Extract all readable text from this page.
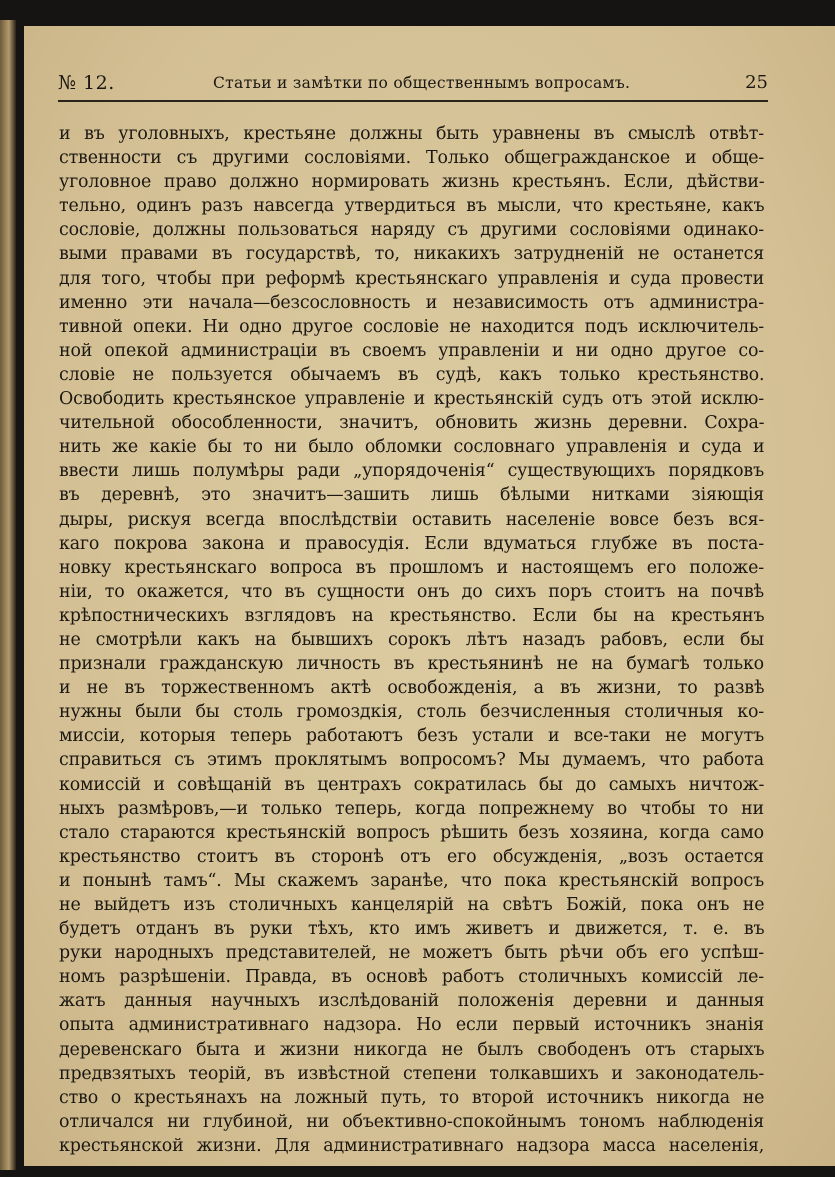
№ 12.	Статьи и замѣтки по общественнымъ вопросамъ.	25
и въ уголовныхъ, крестьяне должны быть уравнены въ смыслѣ отвѣт-
ственности съ другими сословіями. Только общегражданское и обще-
уголовное право должно нормировать жизнь крестьянъ. Если, дѣйстви-
тельно, одинъ разъ навсегда утвердиться въ мысли, что крестьяне, какъ
сословіе, должны пользоваться наряду съ другими сословіями одинако-
выми правами въ государствѣ, то, никакихъ затрудненій не останется
для того, чтобы при реформѣ крестьянскаго управленія и суда провести
именно эти начала—безсословность и независимость отъ администра-
тивной опеки. Ни одно другое сословіе не находится подъ исключитель-
ной опекой администраціи въ своемъ управленіи и ни одно другое со-
словіе не пользуется обычаемъ въ судѣ, какъ только крестьянство.
Освободить крестьянское управленіе и крестьянскій судъ отъ этой исклю-
чительной обособленности, значитъ, обновить жизнь деревни. Сохра-
нить же какіе бы то ни было обломки сословнаго управленія и суда и
ввести лишь полумѣры ради „упорядоченія“ существующихъ порядковъ
въ деревнѣ, это значитъ—зашить лишь бѣлыми нитками зіяющія
дыры, рискуя всегда впослѣдствіи оставить населеніе вовсе безъ вся-
каго покрова закона и правосудія. Если вдуматься глубже въ поста-
новку крестьянскаго вопроса въ прошломъ и настоящемъ его положе-
ніи, то окажется, что въ сущности онъ до сихъ поръ стоитъ на почвѣ
крѣпостническихъ взглядовъ на крестьянство. Если бы на крестьянъ
не смотрѣли какъ на бывшихъ сорокъ лѣтъ назадъ рабовъ, если бы
признали гражданскую личность въ крестьянинѣ не на бумагѣ только
и не въ торжественномъ актѣ освобожденія, а въ жизни, то развѣ
нужны были бы столь громоздкія, столь безчисленныя столичныя ко-
миссіи, которыя теперь работаютъ безъ устали и все-таки не могутъ
справиться съ этимъ проклятымъ вопросомъ? Мы думаемъ, что работа
комиссій и совѣщаній въ центрахъ сократилась бы до самыхъ ничтож-
ныхъ размѣровъ,—и только теперь, когда попрежнему во чтобы то ни
стало стараются крестьянскій вопросъ рѣшить безъ хозяина, когда само
крестьянство стоитъ въ сторонѣ отъ его обсужденія, „возъ остается
и понынѣ тамъ“. Мы скажемъ заранѣе, что пока крестьянскій вопросъ
не выйдетъ изъ столичныхъ канцелярій на свѣтъ Божій, пока онъ не
будетъ отданъ въ руки тѣхъ, кто имъ живетъ и движется, т. е. въ
руки народныхъ представителей, не можетъ быть рѣчи объ его успѣш-
номъ разрѣшеніи. Правда, въ основѣ работъ столичныхъ комиссій ле-
жатъ данныя научныхъ изслѣдованій положенія деревни и данныя
опыта административнаго надзора. Но если первый источникъ знанія
деревенскаго быта и жизни никогда не былъ свободенъ отъ старыхъ
предвзятыхъ теорій, въ извѣстной степени толкавшихъ и законодатель-
ство о крестьянахъ на ложный путь, то второй источникъ никогда не
отличался ни глубиной, ни объективно-спокойнымъ тономъ наблюденія
крестьянской жизни. Для административнаго надзора масса населенія,
